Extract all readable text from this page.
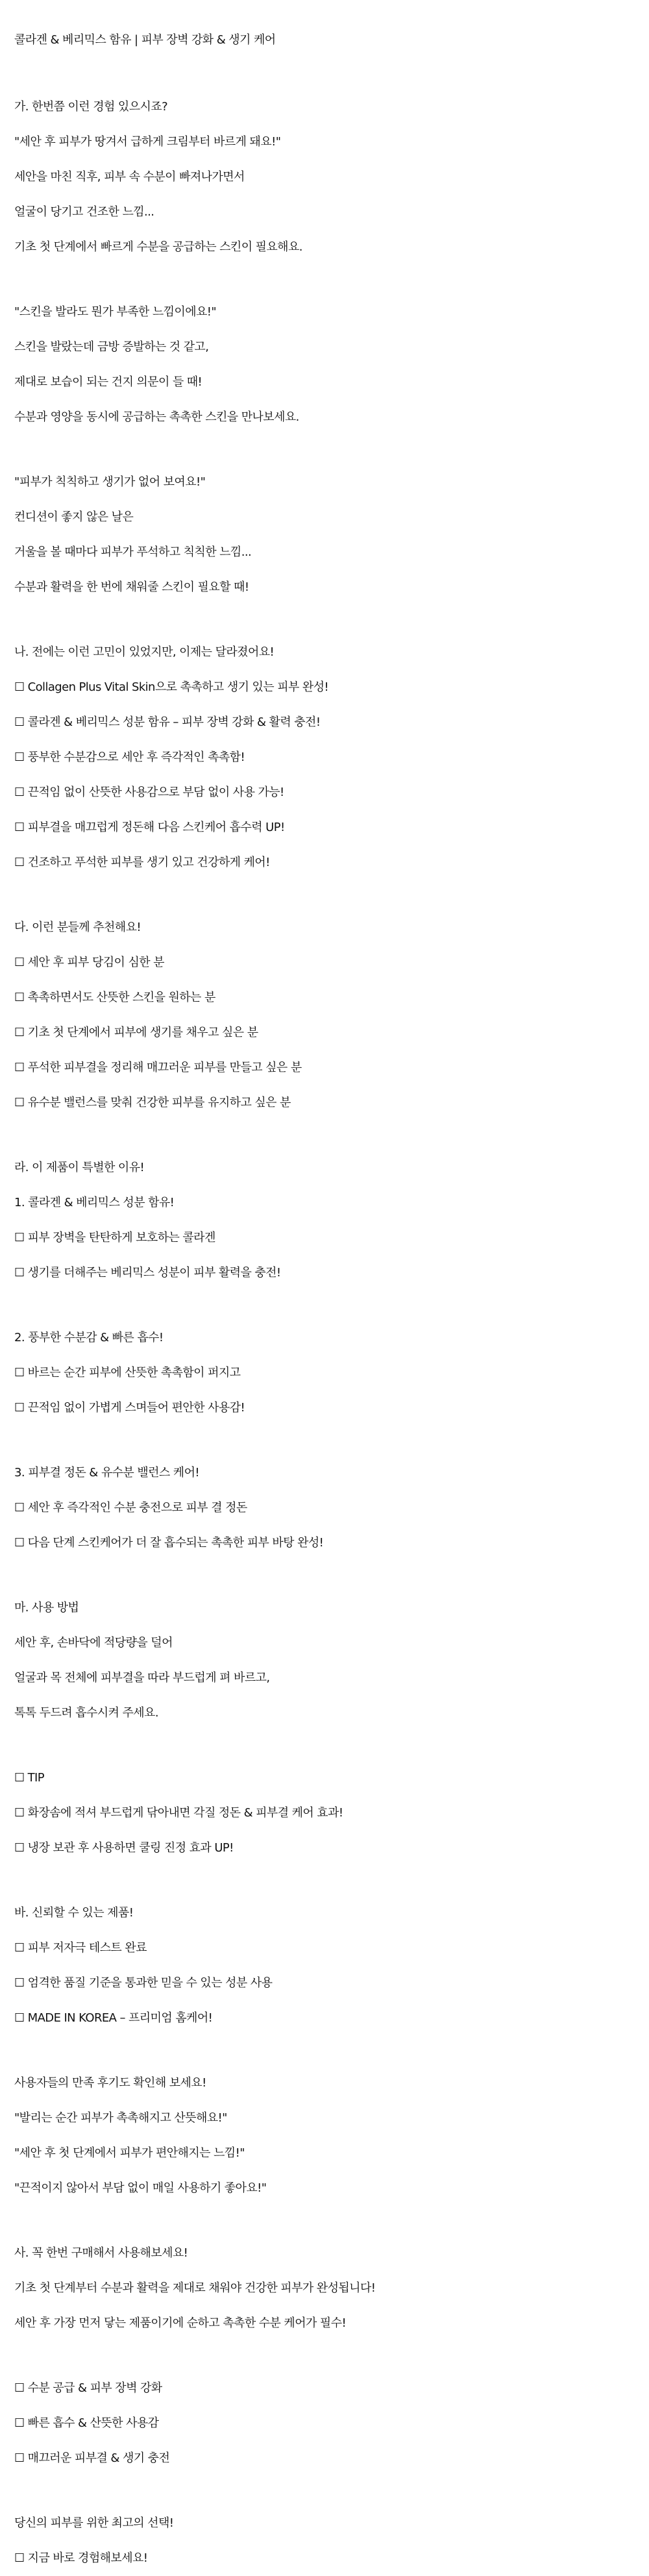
콜라겐 & 베리믹스 함유 | 피부 장벽 강화 & 생기 케어
가. 한번쯤 이런 경험 있으시죠?
"세안 후 피부가 땅겨서 급하게 크림부터 바르게 돼요!"
세안을 마친 직후, 피부 속 수분이 빠져나가면서
얼굴이 당기고 건조한 느낌...
기초 첫 단계에서 빠르게 수분을 공급하는 스킨이 필요해요.
"스킨을 발라도 뭔가 부족한 느낌이에요!"
스킨을 발랐는데 금방 증발하는 것 같고,
제대로 보습이 되는 건지 의문이 들 때!
수분과 영양을 동시에 공급하는 촉촉한 스킨을 만나보세요.
"피부가 칙칙하고 생기가 없어 보여요!"
컨디션이 좋지 않은 날은
거울을 볼 때마다 피부가 푸석하고 칙칙한 느낌...
수분과 활력을 한 번에 채워줄 스킨이 필요할 때!
나. 전에는 이런 고민이 있었지만, 이제는 달라졌어요!
☐ Collagen Plus Vital Skin으로 촉촉하고 생기 있는 피부 완성!
☐ 콜라겐 & 베리믹스 성분 함유 – 피부 장벽 강화 & 활력 충전!
☐ 풍부한 수분감으로 세안 후 즉각적인 촉촉함!
☐ 끈적임 없이 산뜻한 사용감으로 부담 없이 사용 가능!
☐ 피부결을 매끄럽게 정돈해 다음 스킨케어 흡수력 UP!
☐ 건조하고 푸석한 피부를 생기 있고 건강하게 케어!
다. 이런 분들께 추천해요!
☐ 세안 후 피부 당김이 심한 분
☐ 촉촉하면서도 산뜻한 스킨을 원하는 분
☐ 기초 첫 단계에서 피부에 생기를 채우고 싶은 분
☐ 푸석한 피부결을 정리해 매끄러운 피부를 만들고 싶은 분
☐ 유수분 밸런스를 맞춰 건강한 피부를 유지하고 싶은 분
라. 이 제품이 특별한 이유!
1. 콜라겐 & 베리믹스 성분 함유!
☐ 피부 장벽을 탄탄하게 보호하는 콜라겐
☐ 생기를 더해주는 베리믹스 성분이 피부 활력을 충전!
2. 풍부한 수분감 & 빠른 흡수!
☐ 바르는 순간 피부에 산뜻한 촉촉함이 퍼지고
☐ 끈적임 없이 가볍게 스며들어 편안한 사용감!
3. 피부결 정돈 & 유수분 밸런스 케어!
☐ 세안 후 즉각적인 수분 충전으로 피부 결 정돈
☐ 다음 단계 스킨케어가 더 잘 흡수되는 촉촉한 피부 바탕 완성!
마. 사용 방법
세안 후, 손바닥에 적당량을 덜어
얼굴과 목 전체에 피부결을 따라 부드럽게 펴 바르고,
톡톡 두드려 흡수시켜 주세요.
☐ TIP
☐ 화장솜에 적셔 부드럽게 닦아내면 각질 정돈 & 피부결 케어 효과!
☐ 냉장 보관 후 사용하면 쿨링 진정 효과 UP!
바. 신뢰할 수 있는 제품!
☐ 피부 저자극 테스트 완료
☐ 엄격한 품질 기준을 통과한 믿을 수 있는 성분 사용
☐ MADE IN KOREA – 프리미엄 홈케어!
사용자들의 만족 후기도 확인해 보세요!
"발리는 순간 피부가 촉촉해지고 산뜻해요!"
"세안 후 첫 단계에서 피부가 편안해지는 느낌!"
"끈적이지 않아서 부담 없이 매일 사용하기 좋아요!"
사. 꼭 한번 구매해서 사용해보세요!
기초 첫 단계부터 수분과 활력을 제대로 채워야 건강한 피부가 완성됩니다!
세안 후 가장 먼저 닿는 제품이기에 순하고 촉촉한 수분 케어가 필수!
☐ 수분 공급 & 피부 장벽 강화
☐ 빠른 흡수 & 산뜻한 사용감
☐ 매끄러운 피부결 & 생기 충전
당신의 피부를 위한 최고의 선택!
☐ 지금 바로 경험해보세요!
